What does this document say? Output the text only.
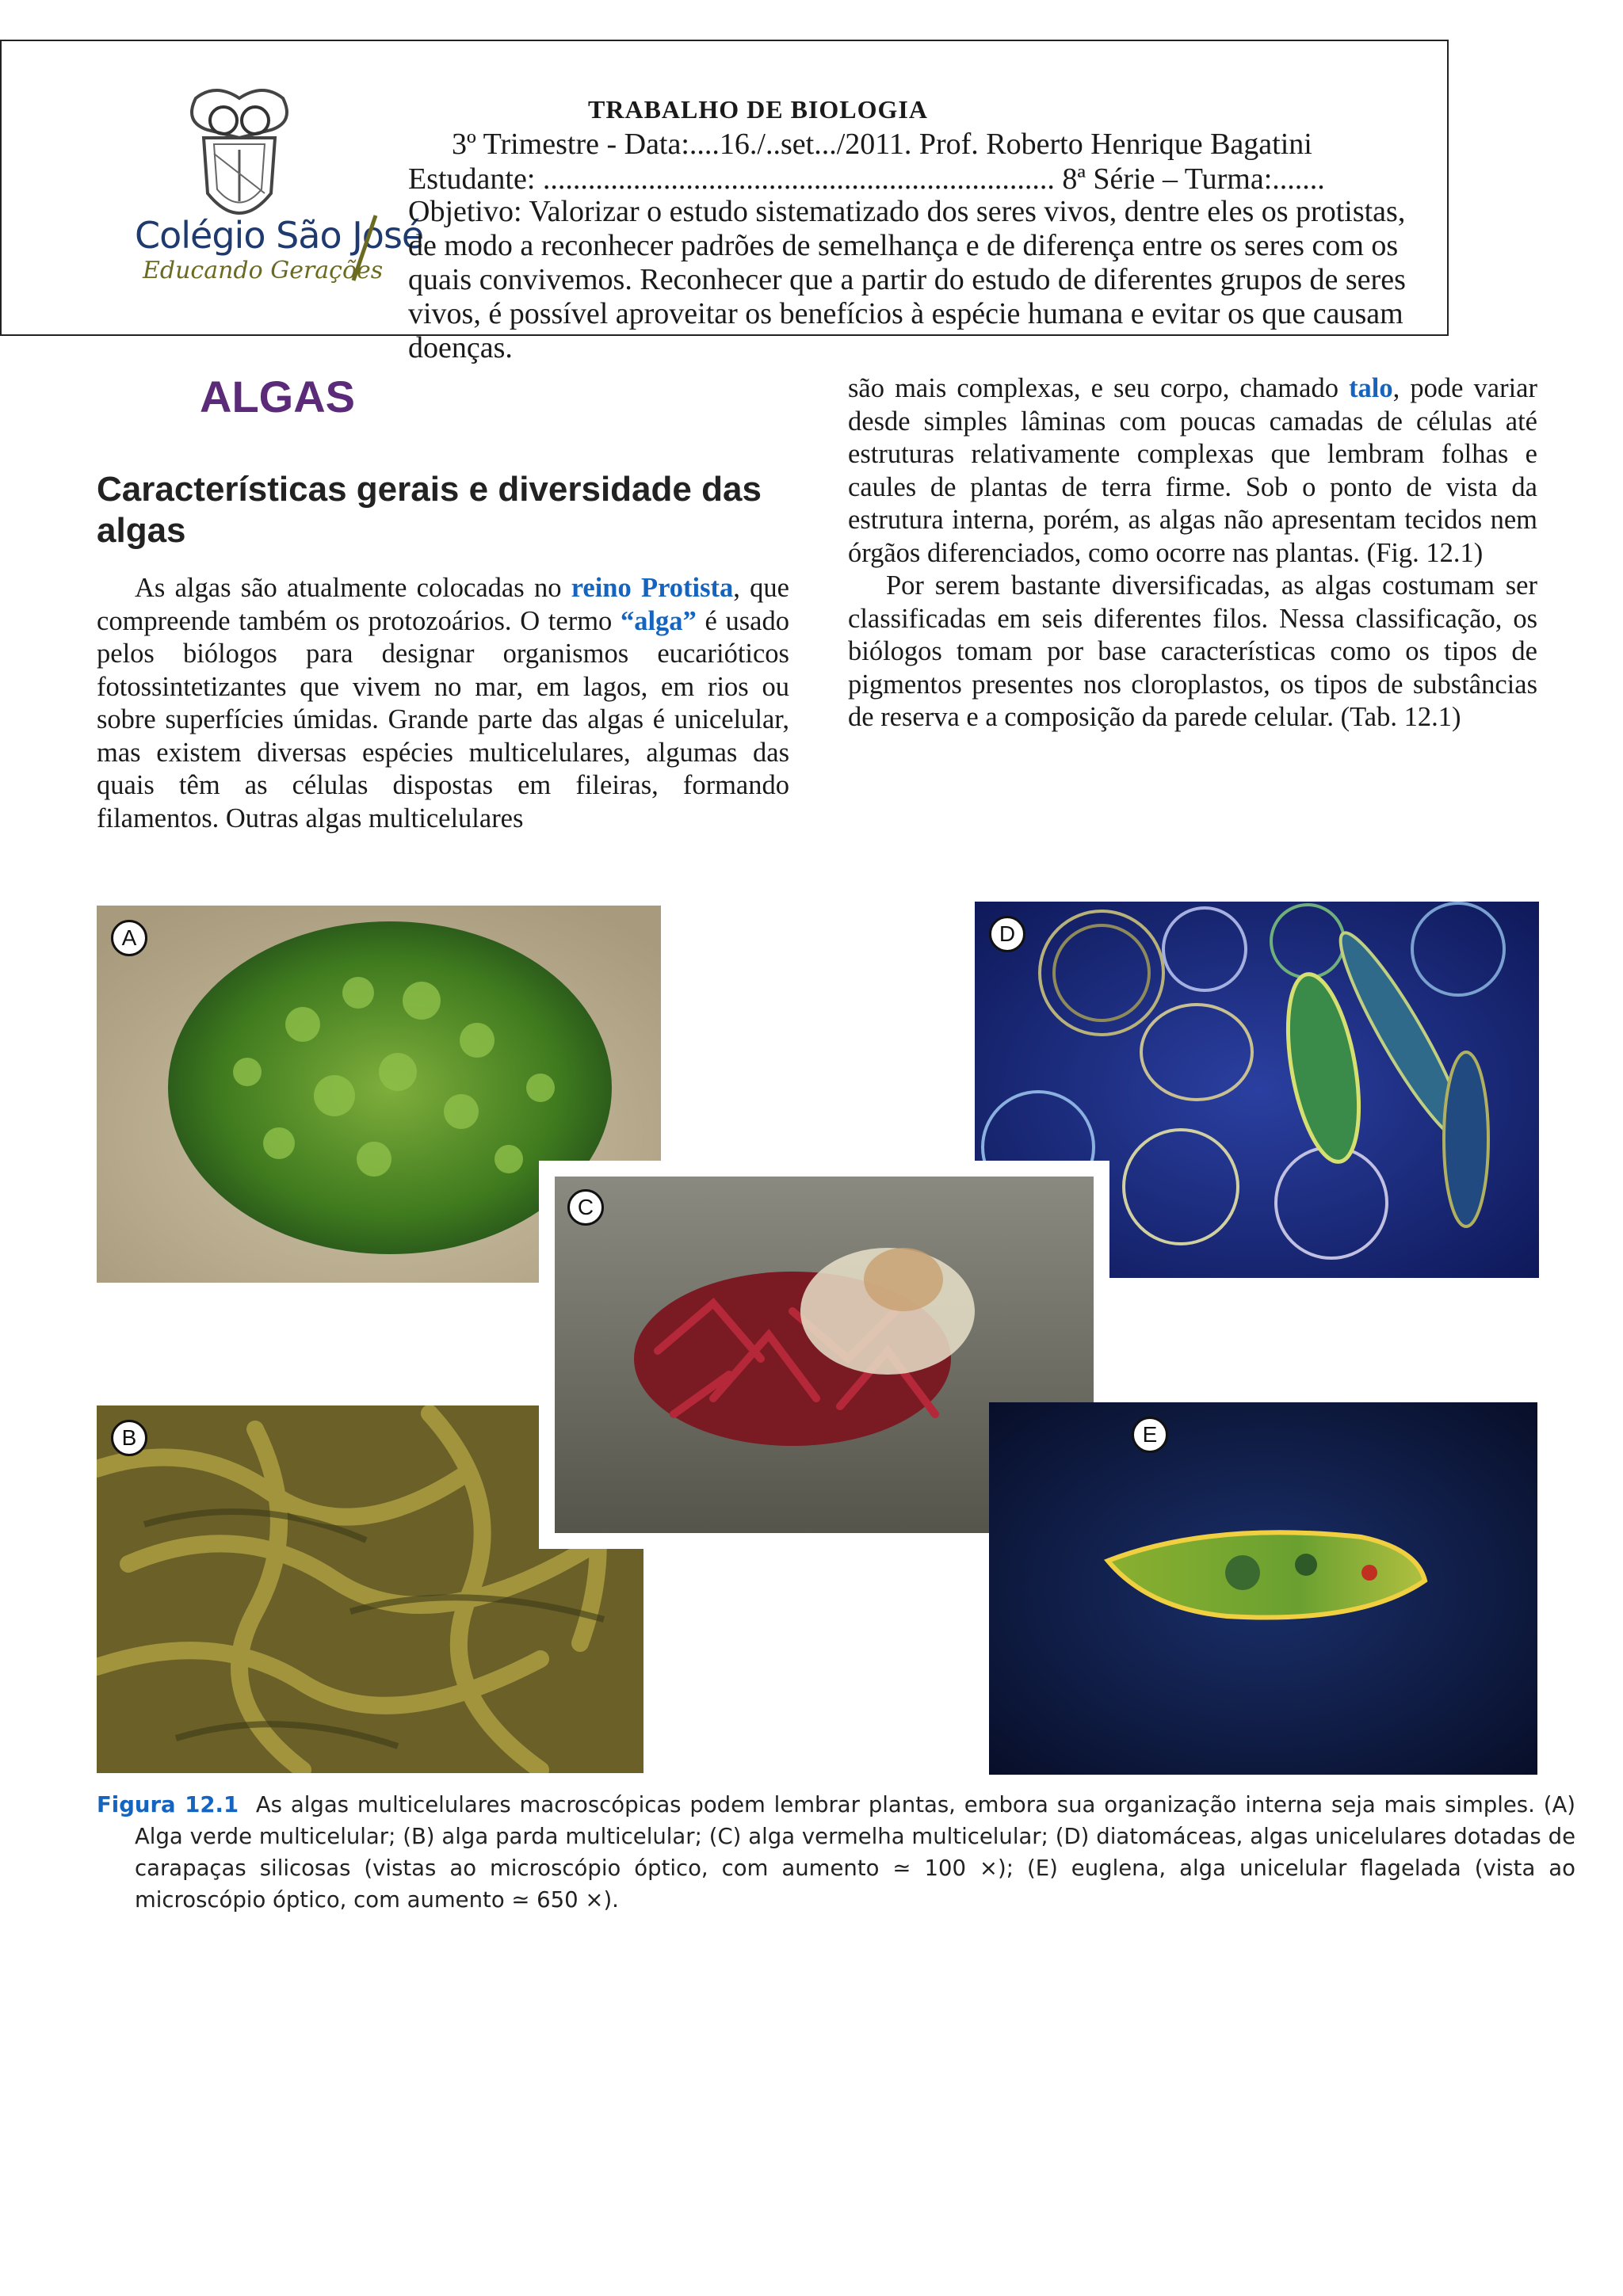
Colégio São José
Educando Gerações
TRABALHO DE BIOLOGIA
3º Trimestre - Data:....16./..set.../2011. Prof. Roberto Henrique Bagatini
Estudante: .................................................................... 8ª Série – Turma:.......
Objetivo: Valorizar o estudo sistematizado dos seres vivos, dentre eles os protistas, de modo a reconhecer padrões de semelhança e de diferença entre os seres com os quais convivemos. Reconhecer que a partir do estudo de diferentes grupos de seres vivos, é possível aproveitar os benefícios à espécie humana e evitar os que causam doenças.
ALGAS
Características gerais e diversidade das algas

As algas são atualmente colocadas no reino Protista, que compreende também os protozoários. O termo “alga” é usado pelos biólogos para designar organismos eucarióticos fotossintetizantes que vivem no mar, em lagos, em rios ou sobre superfícies úmidas. Grande parte das algas é unicelular, mas existem diversas espécies multicelulares, algumas das quais têm as células dispostas em fileiras, formando filamentos. Outras algas multicelulares

são mais complexas, e seu corpo, chamado talo, pode variar desde simples lâminas com poucas camadas de células até estruturas relativamente complexas que lembram folhas e caules de plantas de terra firme. Sob o ponto de vista da estrutura interna, porém, as algas não apresentam tecidos nem órgãos diferenciados, como ocorre nas plantas. (Fig. 12.1)

Por serem bastante diversificadas, as algas costumam ser classificadas em seis diferentes filos. Nessa classificação, os biólogos tomam por base características como os tipos de pigmentos presentes nos cloroplastos, os tipos de substâncias de reserva e a composição da parede celular. (Tab. 12.1)

A	D
B
C
E
Figura 12.1 As algas multicelulares macroscópicas podem lembrar plantas, embora sua organização interna seja mais simples. (A) Alga verde multicelular; (B) alga parda multicelular; (C) alga vermelha multicelular; (D) diatomáceas, algas unicelulares dotadas de carapaças silicosas (vistas ao microscópio óptico, com aumento ≃ 100 ×); (E) euglena, alga unicelular flagelada (vista ao microscópio óptico, com aumento ≃ 650 ×).
